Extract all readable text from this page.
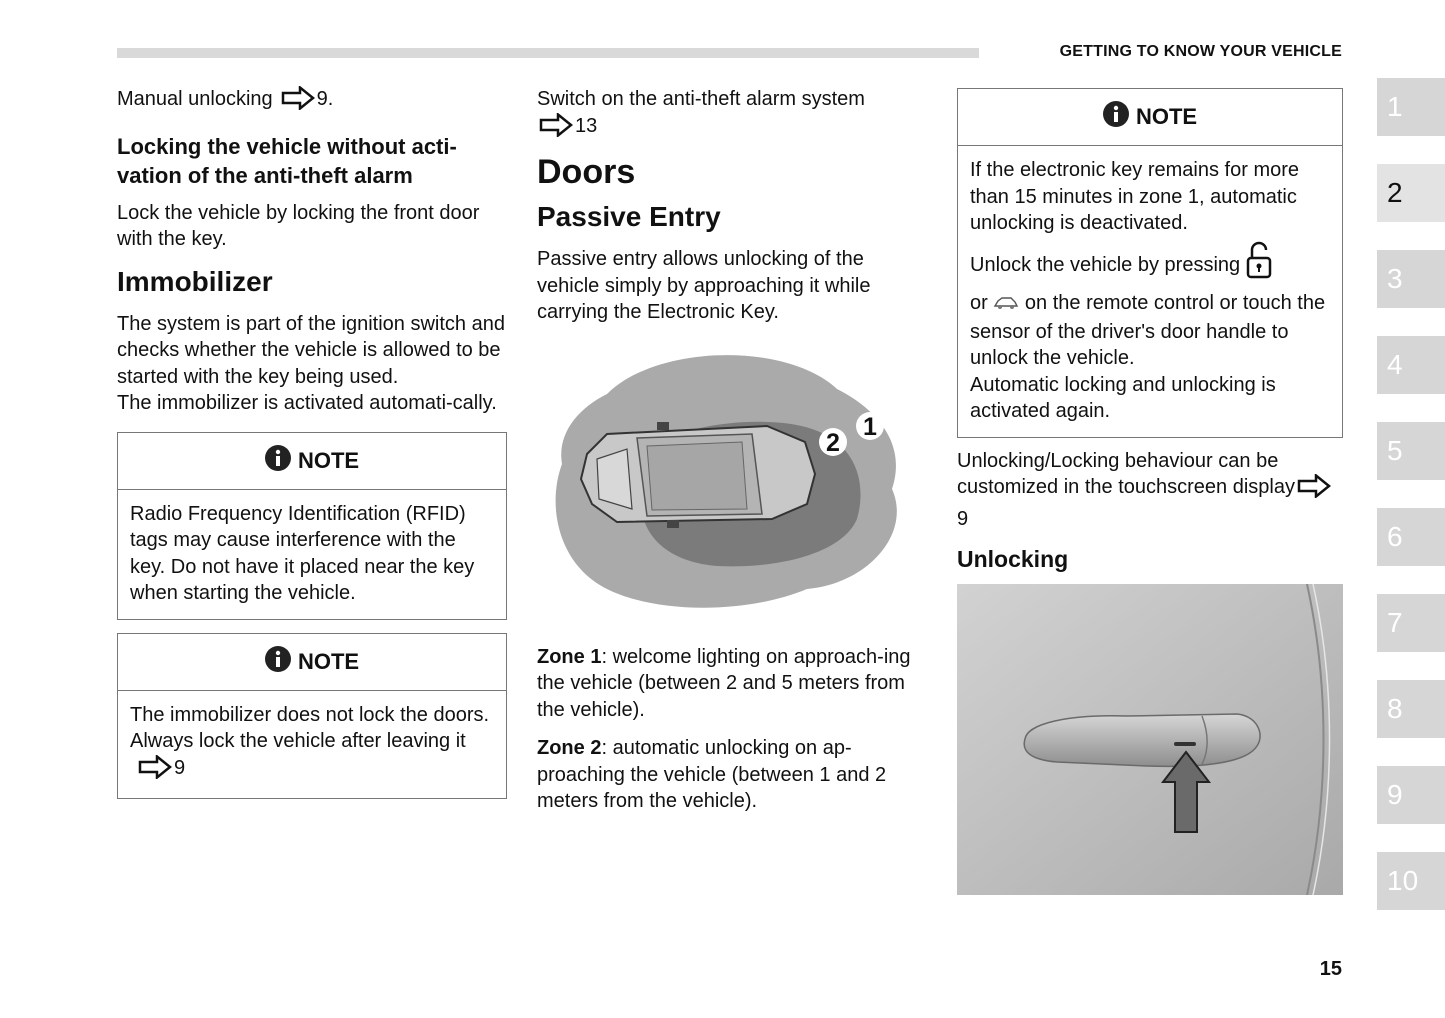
GETTING TO KNOW YOUR VEHICLE

Manual unlocking 9.

Locking the vehicle without acti-vation of the anti-theft alarm

Lock the vehicle by locking the front door with the key.

Immobilizer

The system is part of the ignition switch and checks whether the vehicle is allowed to be started with the key being used.

The immobilizer is activated automati-cally.

NOTE

Radio Frequency Identification (RFID) tags may cause interference with the key. Do not have it placed near the key when starting the vehicle.

NOTE

The immobilizer does not lock the doors. Always lock the vehicle after leaving it9

Switch on the anti-theft alarm system
13

Doors
Passive Entry

Passive entry allows unlocking of the vehicle simply by approaching it while carrying the Electronic Key.

2
1

Zone 1: welcome lighting on approach-ing the vehicle (between 2 and 5 meters from the vehicle).

Zone 2: automatic unlocking on ap-proaching the vehicle (between 1 and 2 meters from the vehicle).

NOTE

If the electronic key remains for more than 15 minutes in zone 1, automatic unlocking is deactivated.

Unlock the vehicle by pressing

or on the remote control or touch the sensor of the driver's door handle to unlock the vehicle.

Automatic locking and unlocking is activated again.

Unlocking/Locking behaviour can be customized in the touchscreen display9

Unlocking
1
2
3
4
5
6
7
8
9
10
15
